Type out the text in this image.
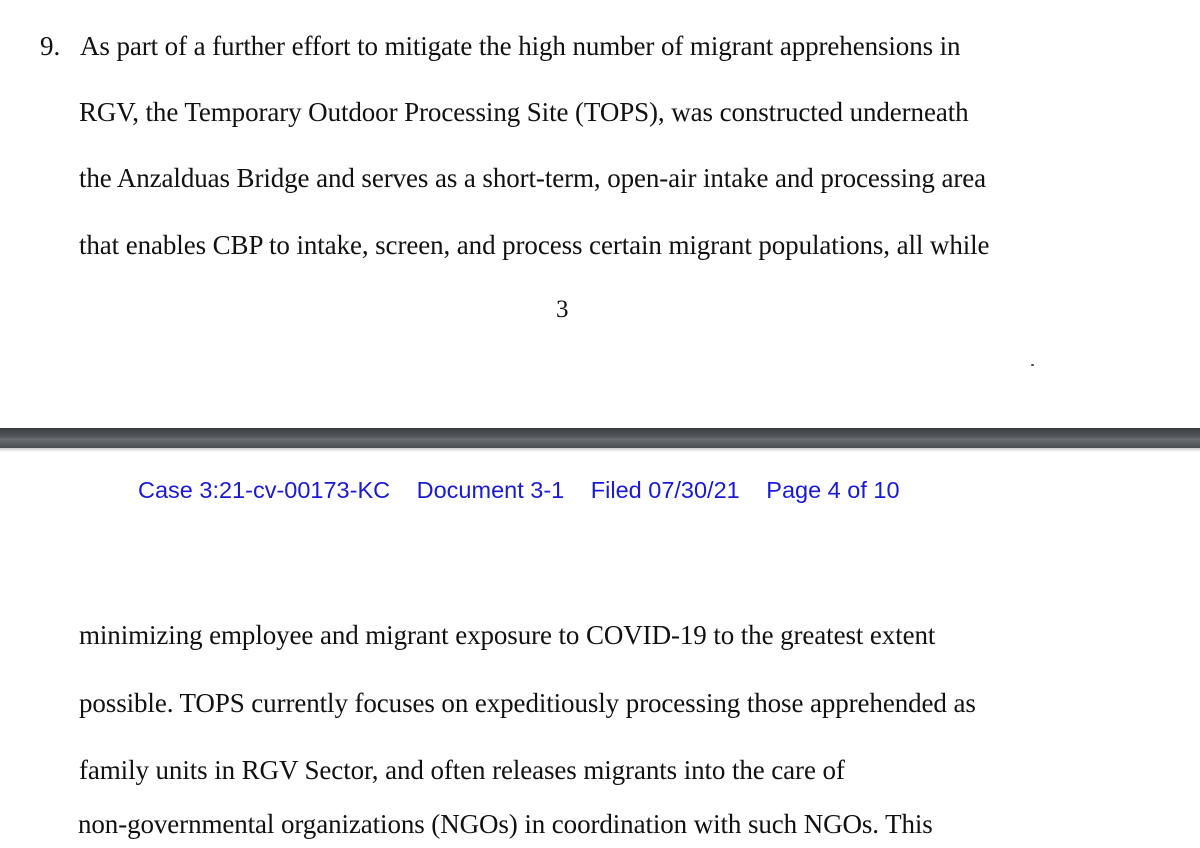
9. As part of a further effort to mitigate the high number of migrant apprehensions in
RGV, the Temporary Outdoor Processing Site (TOPS), was constructed underneath
the Anzalduas Bridge and serves as a short-term, open-air intake and processing area
that enables CBP to intake, screen, and process certain migrant populations, all while
3
Case 3:21-cv-00173-KC Document 3-1 Filed 07/30/21 Page 4 of 10
minimizing employee and migrant exposure to COVID-19 to the greatest extent
possible. TOPS currently focuses on expeditiously processing those apprehended as
family units in RGV Sector, and often releases migrants into the care of
non-governmental organizations (NGOs) in coordination with such NGOs. This
